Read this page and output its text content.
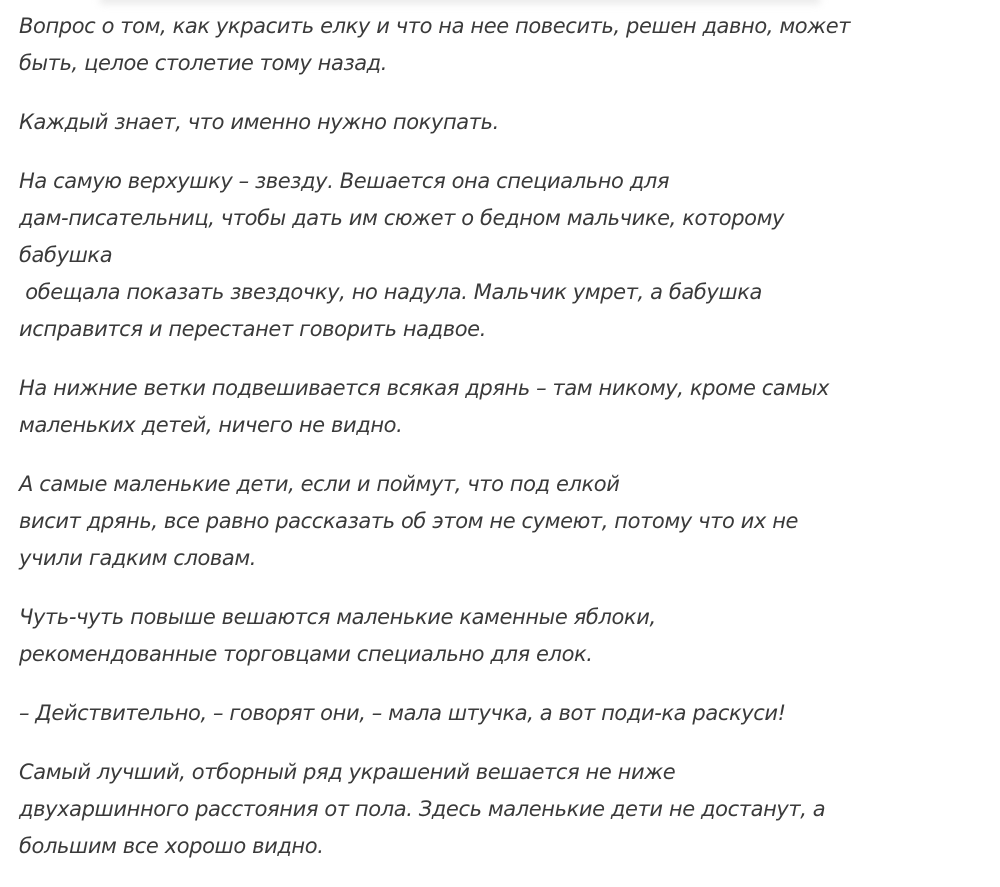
Вопрос о том, как украсить елку и что на нее повесить, решен давно, может
быть, целое столетие тому назад.

Каждый знает, что именно нужно покупать.

На самую верхушку – звезду. Вешается она специально для
дам-писательниц, чтобы дать им сюжет о бедном мальчике, которому
бабушка
обещала показать звездочку, но надула. Мальчик умрет, а бабушка
исправится и перестанет говорить надвое.

На нижние ветки подвешивается всякая дрянь – там никому, кроме самых
маленьких детей, ничего не видно.

А самые маленькие дети, если и поймут, что под елкой
висит дрянь, все равно рассказать об этом не сумеют, потому что их не
учили гадким словам.

Чуть-чуть повыше вешаются маленькие каменные яблоки,
рекомендованные торговцами специально для елок.

– Действительно, – говорят они, – мала штучка, а вот поди-ка раскуси!

Самый лучший, отборный ряд украшений вешается не ниже
двухаршинного расстояния от пола. Здесь маленькие дети не достанут, а
большим все хорошо видно.
